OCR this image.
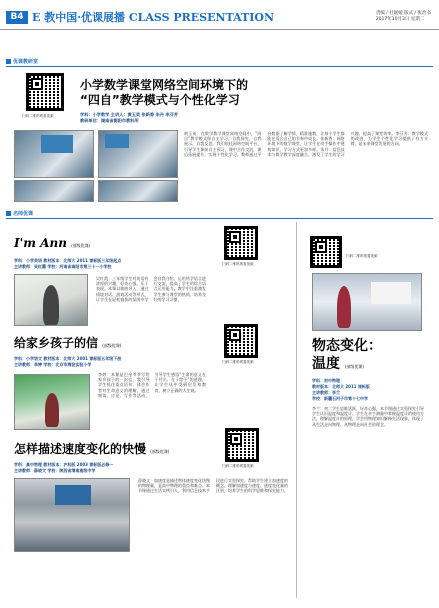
B4 E 教中国·优课展播 CLASS PRESENTATION	责编 / 杜媛媛 版式 / 张治书
2017年10月3日 星期二
优课教研室
扫码二维码观看视频
小学数学课堂网络空间环境下的
“四自”教学模式与个性化学习
学科：小学数学 主讲人：黄玉英 张新香 朱丹 李芬芳
教研单位：湖南省衡阳市教科所
黄玉英：在数学教学课堂网络空间中，“四自”教学模式即自主学习、自我探究、自我展示、自我反思。我们依托网络空间平台，引导学生课前自主预习，课中合作交流，课后拓展提升，实现个性化学习。教师通过平台数据了解学情，精准施教，让每个学生都能在适合自己的节奏中成长。张新香：网络环境下的数学课堂，让学生在动手操作中建构知识，学习方式更加多样。朱丹：信息技术与数学教学深度融合，激发了学生的学习兴趣，提高了课堂效率。李芬芳：教学模式的改进，为学生个性化学习提供了有力支撑，是未来课堂发展的方向。
名师优课
I'm Ann (部级优课)
学科：小学英语 教材版本：北师大 2011 课标版三年级起点
主讲教师：吴红霞 学校：河南省南阳市第三十一小学校
吴红霞：三年级学生对英语有浓厚的兴趣，好奇心强，乐于表现。本课以歌曲导入，通过情境对话、游戏活动等形式，让学生在轻松愉快的氛围中学会自我介绍，运用所学语言进行交流，提高了学生的综合语言运用能力。教学中注重激发学生参与课堂的热情，培养良好的学习习惯。
扫码二维码观看视频
给家乡孩子的信 (部级优课)
学科：小学语文 教材版本：北师大 2001 课标版五年级下册
主讲教师：李婷 学校：北京市海淀实验小学
李婷：本课是巴金爷爷写给家乡孩子的一封信，我引导学生抓住重点语句，体会作者对生命意义的理解。通过朗读、讨论、写作等活动，引导学生感悟“生命的意义在于付出，在于给予”的道理，让学生从中受到启发和教育，树立正确的人生观。
扫码二维码观看视频
怎样描述速度变化的快慢 (部级优课)
学科：高中物理 教材版本：沪科版 2003 课标版必修一
主讲教师：薛晓文 学校：陕西省渭南高级中学
薛晓文：加速度是描述物体速度变化快慢的物理量，是高中物理的重点和难点。本节课通过生活实例引入，利用信息技术手段进行实验探究，帮助学生建立加速度的概念，理解加速度与速度、速度变化量的区别，培养学生的科学思维和探究能力。
扫码二维码观看视频
物态变化：
温度 (部级优课)
学科：初中物理
教材版本：北师大 2011 课标版
主讲教师：李兰
学校：新疆石河子市第十七中学
李兰：初二学生思维活跃，好奇心强，本节课通过实验探究引导学生认识温度和温度计。学生在亲手测量中掌握温度计的使用方法，理解温度计的原理，学会用物理知识解释生活现象，体现了从生活走向物理、从物理走向社会的理念。
扫码二维码观看视频
